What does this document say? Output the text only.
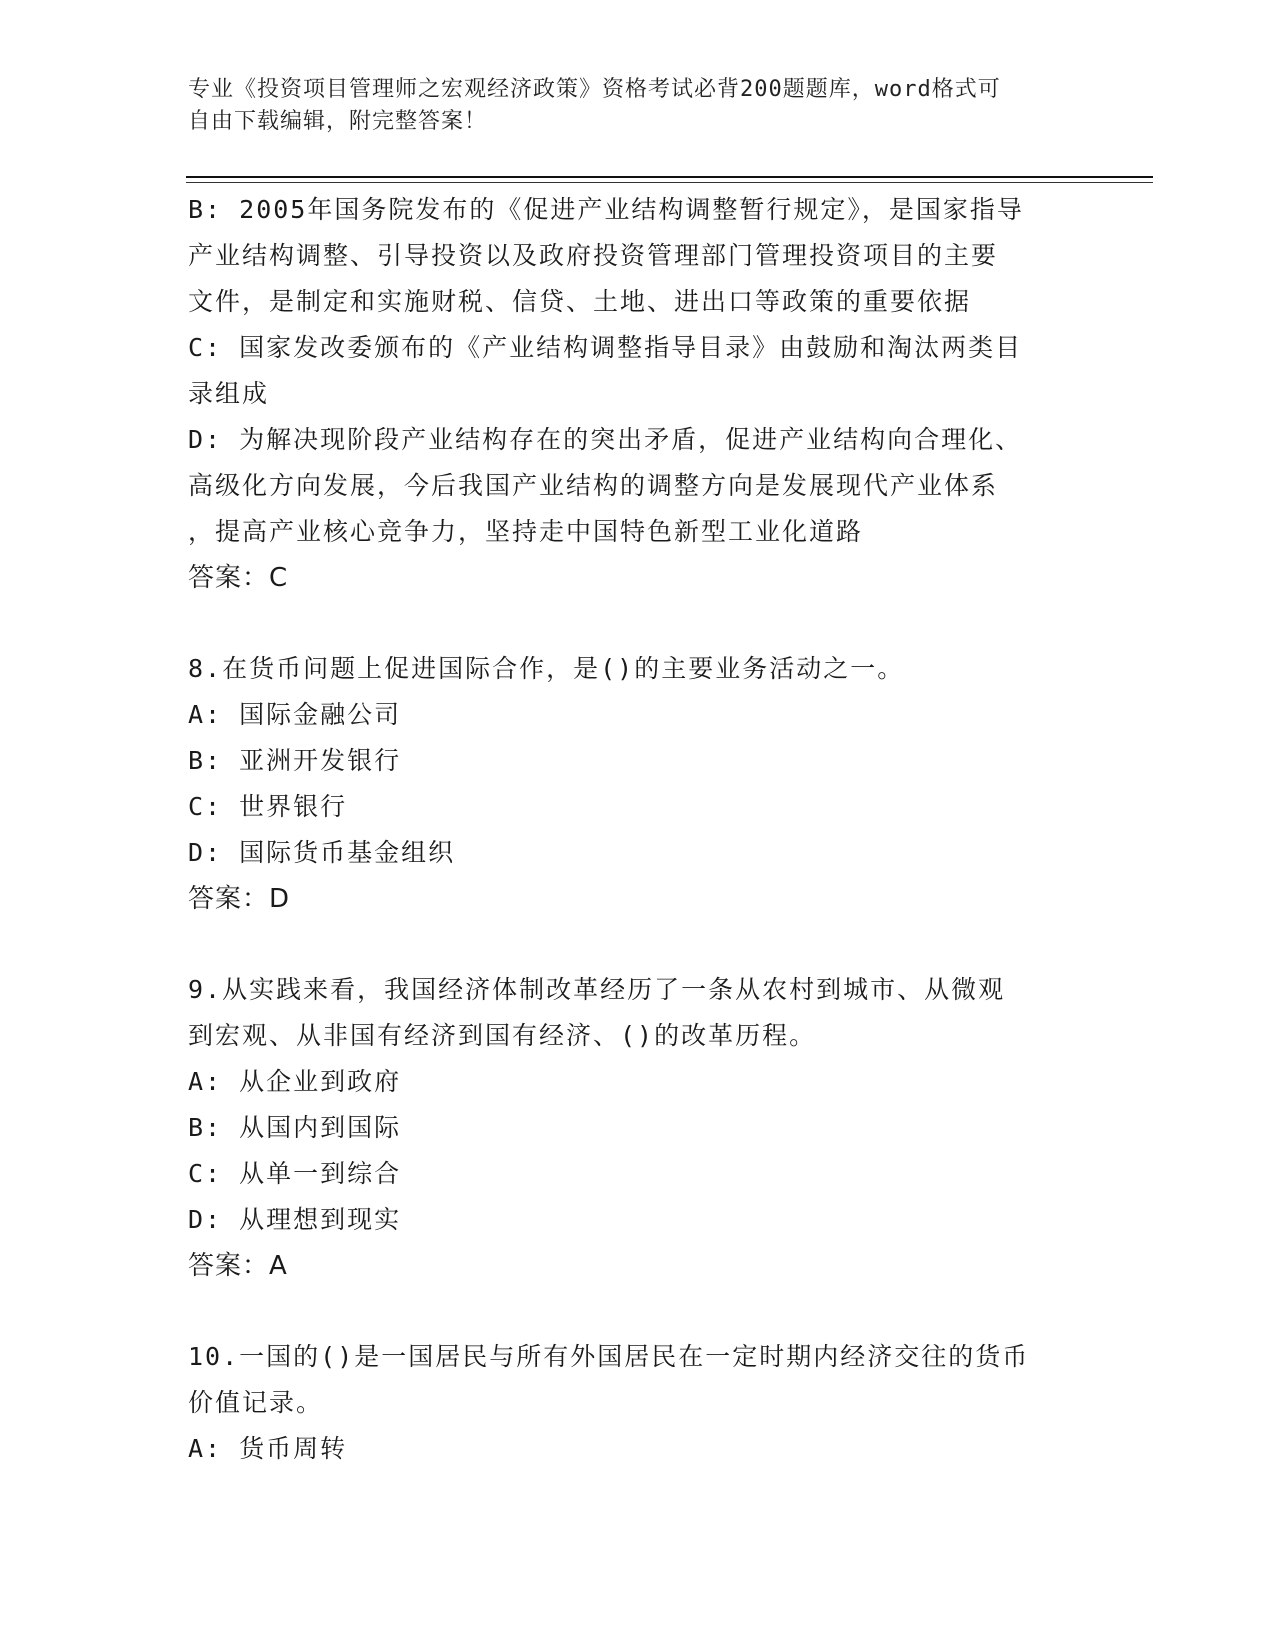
专业《投资项目管理师之宏观经济政策》资格考试必背200题题库，word格式可

自由下载编辑，附完整答案！

B: 2005年国务院发布的《促进产业结构调整暂行规定》，是国家指导

产业结构调整、引导投资以及政府投资管理部门管理投资项目的主要

文件，是制定和实施财税、信贷、土地、进出口等政策的重要依据

C: 国家发改委颁布的《产业结构调整指导目录》由鼓励和淘汰两类目

录组成

D: 为解决现阶段产业结构存在的突出矛盾，促进产业结构向合理化、

高级化方向发展，今后我国产业结构的调整方向是发展现代产业体系

，提高产业核心竞争力，坚持走中国特色新型工业化道路

答案：C

8.在货币问题上促进国际合作，是()的主要业务活动之一。

A: 国际金融公司

B: 亚洲开发银行

C: 世界银行

D: 国际货币基金组织

答案：D

9.从实践来看，我国经济体制改革经历了一条从农村到城市、从微观

到宏观、从非国有经济到国有经济、()的改革历程。

A: 从企业到政府

B: 从国内到国际

C: 从单一到综合

D: 从理想到现实

答案：A

10.一国的()是一国居民与所有外国居民在一定时期内经济交往的货币

价值记录。

A: 货币周转
